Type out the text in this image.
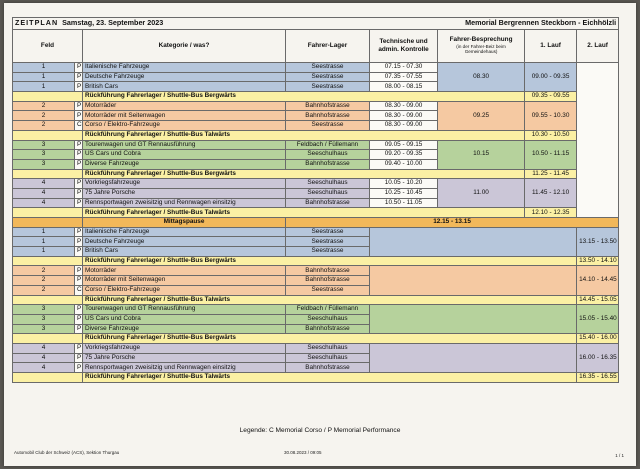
ZEITPLAN Samstag, 23. September 2023					Memorial Bergrennen Steckborn - Eichhölzli		
Feld		Kategorie / was?	Fahrer-Lager	Technische und admin. Kontrolle	Fahrer-Besprechung
(in der Fahrer-Beiz beim Gemeindehaus)	1. Lauf	2. Lauf
1	P	Italienische Fahrzeuge	Seestrasse	07.15 - 07.30	08.30	09.00 - 09.35	
1	P	Deutsche Fahrzeuge	Seestrasse	07.35 - 07.55			
1	P	British Cars	Seestrasse	08.00 - 08.15			
		Rückführung Fahrerlager / Shuttle-Bus Bergwärts				09.35 - 09.55	
2	P	Motorräder	Bahnhofstrasse	08.30 - 09.00	09.25	09.55 - 10.30	
2	P	Motorräder mit Seitenwagen	Bahnhofstrasse	08.30 - 09.00			
2	C	Corso / Elektro-Fahrzeuge	Seestrasse	08.30 - 09.00			
		Rückführung Fahrerlager / Shuttle-Bus Talwärts				10.30 - 10.50	
3	P	Tourenwagen und GT Rennausführung	Feldbach / Füllemann	09.05 - 09.15	10.15	10.50 - 11.15	
3	P	US Cars und Cobra	Seeschulhaus	09.20 - 09.35			
3	P	Diverse Fahrzeuge	Bahnhofstrasse	09.40 - 10.00			
		Rückführung Fahrerlager / Shuttle-Bus Bergwärts				11.25 - 11.45	
4	P	Vorkriegsfahrzeuge	Seeschulhaus	10.05 - 10.20	11.00	11.45 - 12.10	
4	P	75 Jahre Porsche	Seeschulhaus	10.25 - 10.45			
4	P	Rennsportwagen zweisitzig und Rennwagen einsitzig	Bahnhofstrasse	10.50 - 11.05			
		Rückführung Fahrerlager / Shuttle-Bus Talwärts				12.10 - 12.35	
		Mittagspause	12.15 - 13.15				
1	P	Italienische Fahrzeuge	Seestrasse				13.15 - 13.50
1	P	Deutsche Fahrzeuge	Seestrasse				
1	P	British Cars	Seestrasse				
		Rückführung Fahrerlager / Shuttle-Bus Bergwärts					13.50 - 14.10
2	P	Motorräder	Bahnhofstrasse				14.10 - 14.45
2	P	Motorräder mit Seitenwagen	Bahnhofstrasse				
2	C	Corso / Elektro-Fahrzeuge	Seestrasse				
		Rückführung Fahrerlager / Shuttle-Bus Talwärts					14.45 - 15.05
3	P	Tourenwagen und GT Rennausführung	Feldbach / Füllemann				15.05 - 15.40
3	P	US Cars und Cobra	Seeschulhaus				
3	P	Diverse Fahrzeuge	Bahnhofstrasse				
		Rückführung Fahrerlager / Shuttle-Bus Bergwärts					15.40 - 16.00
4	P	Vorkriegsfahrzeuge	Seeschulhaus				16.00 - 16.35
4	P	75 Jahre Porsche	Seeschulhaus				
4	P	Rennsportwagen zweisitzig und Rennwagen einsitzig	Bahnhofstrasse				
		Rückführung Fahrerlager / Shuttle-Bus Talwärts					16.35 - 16.55
Legende: C Memorial Corso / P Memorial Performance
Automobil Club der Schweiz (ACS), Sektion Thurgau	30.08.2023 / 09:05
1 / 1
